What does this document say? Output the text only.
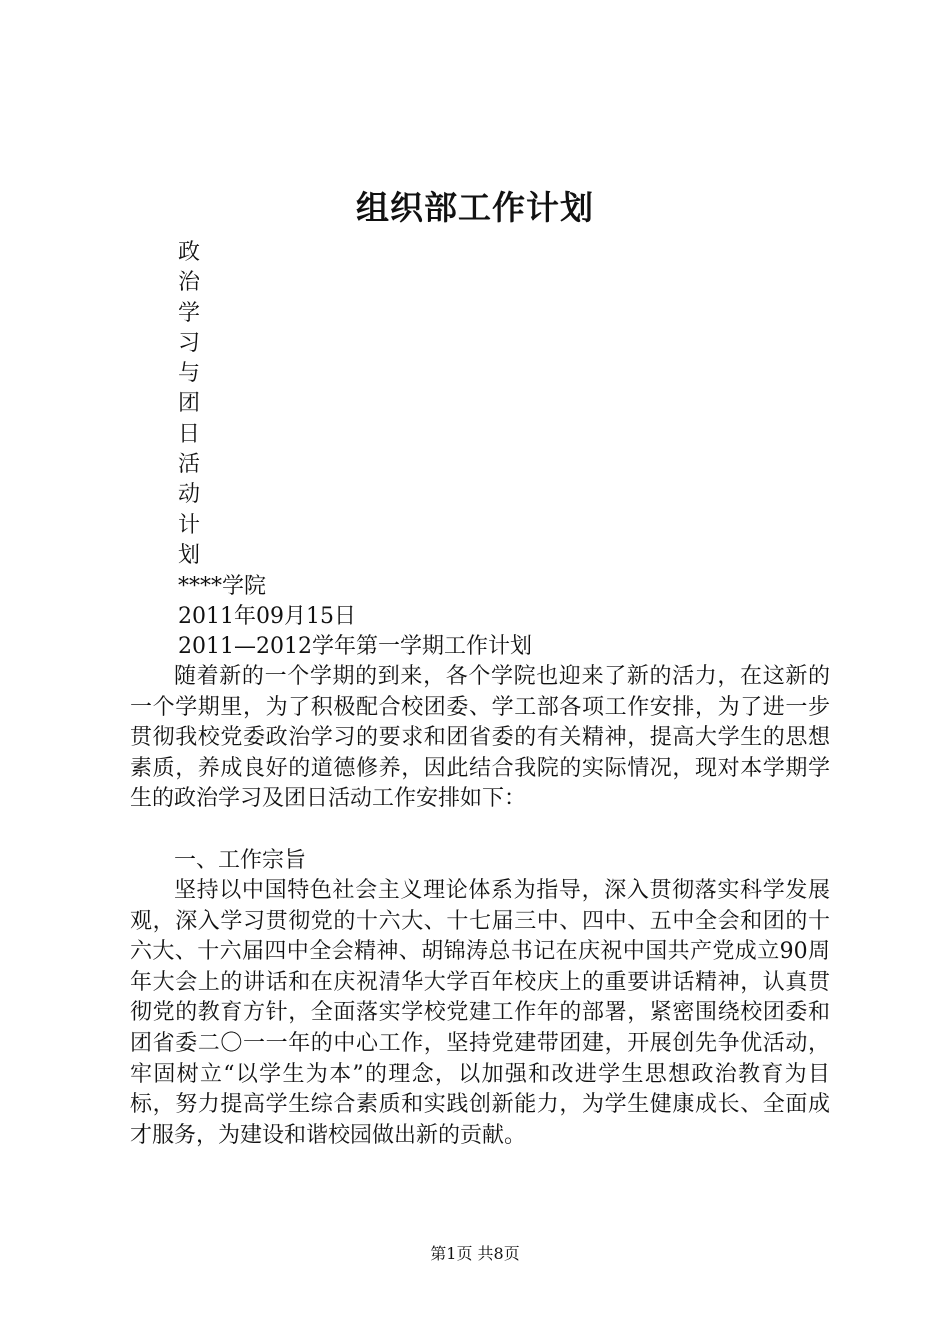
组织部工作计划
政
治
学
习
与
团
日
活
动
计
划
****学院
2011年09月15日
2011—2012学年第一学期工作计划

随着新的一个学期的到来，各个学院也迎来了新的活力，在这新的一个学期里，为了积极配合校团委、学工部各项工作安排，为了进一步贯彻我校党委政治学习的要求和团省委的有关精神，提高大学生的思想素质，养成良好的道德修养，因此结合我院的实际情况，现对本学期学生的政治学习及团日活动工作安排如下：

一、工作宗旨

坚持以中国特色社会主义理论体系为指导，深入贯彻落实科学发展观，深入学习贯彻党的十六大、十七届三中、四中、五中全会和团的十六大、十六届四中全会精神、胡锦涛总书记在庆祝中国共产党成立90周年大会上的讲话和在庆祝清华大学百年校庆上的重要讲话精神，认真贯彻党的教育方针，全面落实学校党建工作年的部署，紧密围绕校团委和团省委二〇一一年的中心工作，坚持党建带团建，开展创先争优活动，牢固树立“以学生为本”的理念，以加强和改进学生思想政治教育为目标，努力提高学生综合素质和实践创新能力，为学生健康成长、全面成才服务，为建设和谐校园做出新的贡献。

第1页 共8页
